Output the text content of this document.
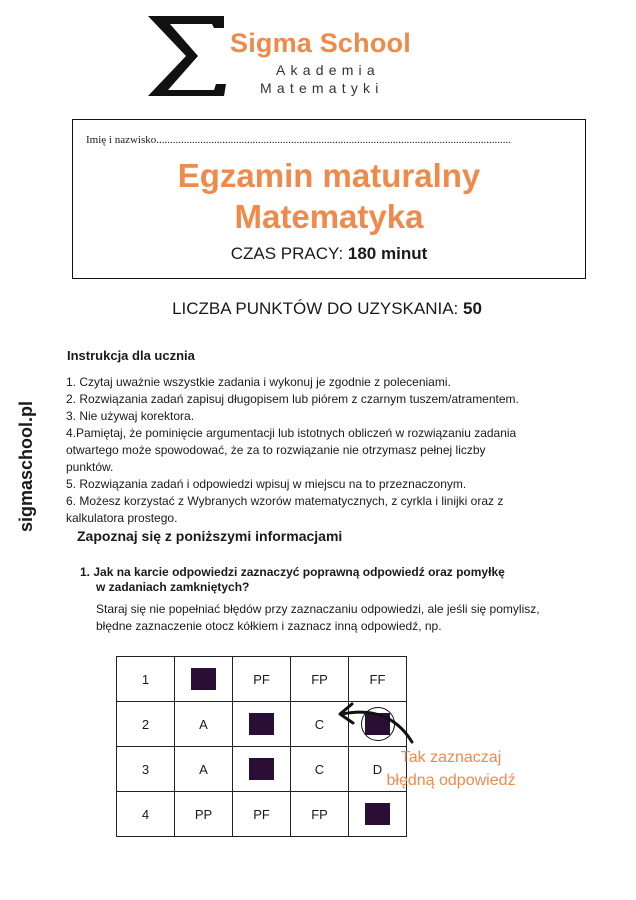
Sigma School
Akademia
Matematyki
Imię i nazwisko.................................................................................................................................
Egzamin maturalny
Matematyka
CZAS PRACY: 180 minut
LICZBA PUNKTÓW DO UZYSKANIA: 50
sigmaschool.pl
Instrukcja dla ucznia
1. Czytaj uważnie wszystkie zadania i wykonuj je zgodnie z poleceniami.
2. Rozwiązania zadań zapisuj długopisem lub piórem z czarnym tuszem/atramentem.
3. Nie używaj korektora.
4.Pamiętaj, że pominięcie argumentacji lub istotnych obliczeń w rozwiązaniu zadania otwartego może spowodować, że za to rozwiązanie nie otrzymasz pełnej liczby punktów.
5. Rozwiązania zadań i odpowiedzi wpisuj w miejscu na to przeznaczonym.
6. Możesz korzystać z Wybranych wzorów matematycznych, z cyrkla i linijki oraz z kalkulatora prostego.
Zapoznaj się z poniższymi informacjami
1. Jak na karcie odpowiedzi zaznaczyć poprawną odpowiedź oraz pomyłkę
w zadaniach zamkniętych?
Staraj się nie popełniać błędów przy zaznaczaniu odpowiedzi, ale jeśli się pomylisz,
błędne zaznaczenie otocz kółkiem i zaznacz inną odpowiedź, np.
1		PF	FP	FF
2	A		C	

3	A		C	D
4	PP	PF	FP	
Tak zaznaczaj
błędną odpowiedź
